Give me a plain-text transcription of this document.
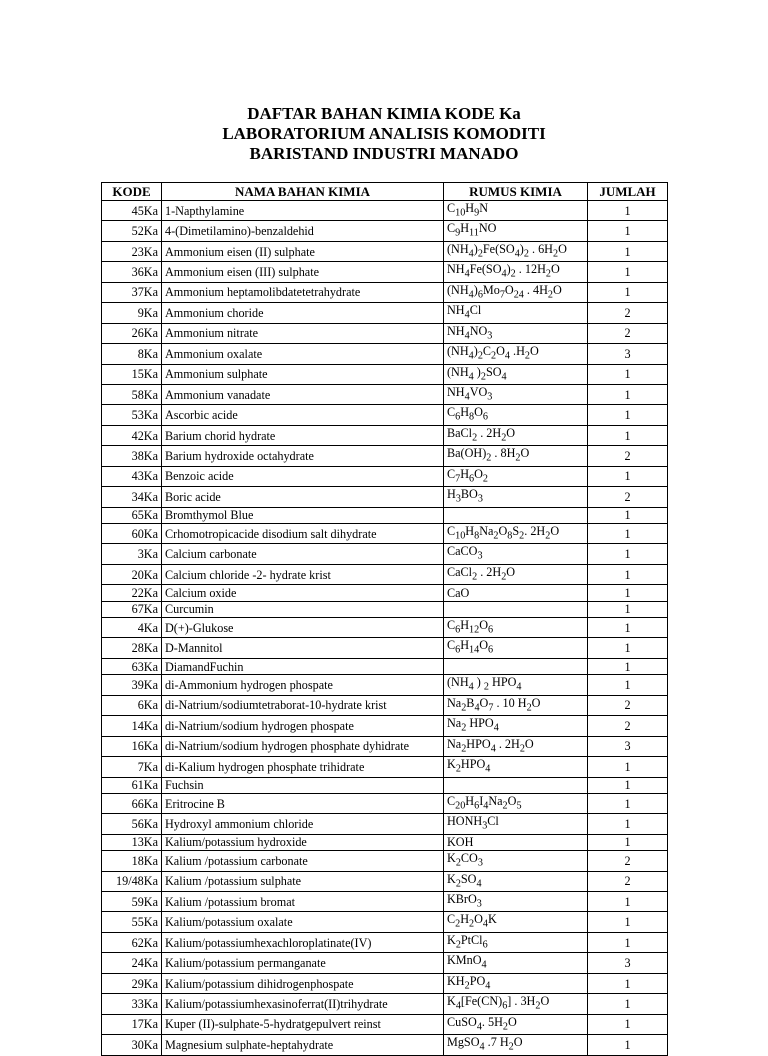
DAFTAR BAHAN KIMIA KODE Ka
LABORATORIUM ANALISIS KOMODITI
BARISTAND INDUSTRI MANADO
KODE	NAMA BAHAN KIMIA	RUMUS KIMIA	JUMLAH
45Ka	1-Napthylamine	$C_{10}H_9N$	1
52Ka	4-(Dimetilamino)-benzaldehid	$C_9H_{11}NO$	1
23Ka	Ammonium eisen (II) sulphate	$(NH_4)_2Fe(SO_4)_2$ . $6H_2O$	1
36Ka	Ammonium eisen (III) sulphate	$NH_4Fe(SO_4)_2$ . $12H_2O$	1
37Ka	Ammonium heptamolibdatetetrahydrate	$(NH_4)_6Mo_7O_{24}$ . $4H_2O$	1
9Ka	Ammonium choride	$NH_4Cl$	2
26Ka	Ammonium nitrate	$NH_4NO_3$	2
8Ka	Ammonium oxalate	$(NH_4)_2C_2O_4$ $.H_2O$	3
15Ka	Ammonium sulphate	($NH_4$ )$_2SO_4$	1
58Ka	Ammonium vanadate	$NH_4VO_3$	1
53Ka	Ascorbic acide	$C_6H_8O_6$	1
42Ka	Barium chorid hydrate	BaCl$_2$ . $2H_2O$	1
38Ka	Barium hydroxide octahydrate	$Ba(OH)_2$ . $8H_2O$	2
43Ka	Benzoic acide	$C_7H_6O_2$	1
34Ka	Boric acide	$H_3BO_3$	2
65Ka	Bromthymol Blue		1
60Ka	Crhomotropicacide disodium salt dihydrate	$C_{10}H_8Na_2O_8S_2$. $2H_2O$	1
3Ka	Calcium carbonate	CaCO$_3$	1
20Ka	Calcium chloride -2- hydrate krist	CaCl$_2$ . $2H_2O$	1
22Ka	Calcium oxide	CaO	1
67Ka	Curcumin		1
4Ka	D(+)-Glukose	$C_6H_{12}O_6$	1
28Ka	D-Mannitol	$C_6H_{14}O_6$	1
63Ka	DiamandFuchin		1
39Ka	di-Ammonium hydrogen phospate	($NH_4$ ) $_2$ $HPO_4$	1
6Ka	di-Natrium/sodiumtetraborat-10-hydrate krist	$Na_2B_4O_7$ . 10 $H_2O$	2
14Ka	di-Natrium/sodium hydrogen phospate	$Na_2$ $HPO_4$	2
16Ka	di-Natrium/sodium hydrogen phosphate dyhidrate	$Na_2HPO_4$ . $2H_2O$	3
7Ka	di-Kalium hydrogen phosphate trihidrate	$K_2HPO_4$	1
61Ka	Fuchsin		1
66Ka	Eritrocine B	$C_{20}H_6I_4Na_2O_5$	1
56Ka	Hydroxyl ammonium chloride	$HONH_3Cl$	1
13Ka	Kalium/potassium hydroxide	KOH	1
18Ka	Kalium /potassium carbonate	$K_2CO_3$	2
19/48Ka	Kalium /potassium sulphate	$K_2SO_4$	2
59Ka	Kalium /potassium bromat	KBrO$_3$	1
55Ka	Kalium/potassium oxalate	$C_2H_2O_4K$	1
62Ka	Kalium/potassiumhexachloroplatinate(IV)	$K_2PtCl_6$	1
24Ka	Kalium/potassium permanganate	KMnO$_4$	3
29Ka	Kalium/potassium dihidrogenphospate	$KH_2PO_4$	1
33Ka	Kalium/potassiumhexasinoferrat(II)trihydrate	$K_4[Fe(CN)_6]$ . $3H_2O$	1
17Ka	Kuper (II)-sulphate-5-hydratgepulvert reinst	CuSO$_4$. $5H_2O$	1
30Ka	Magnesium sulphate-heptahydrate	MgSO$_4$ .7 $H_2O$	1
